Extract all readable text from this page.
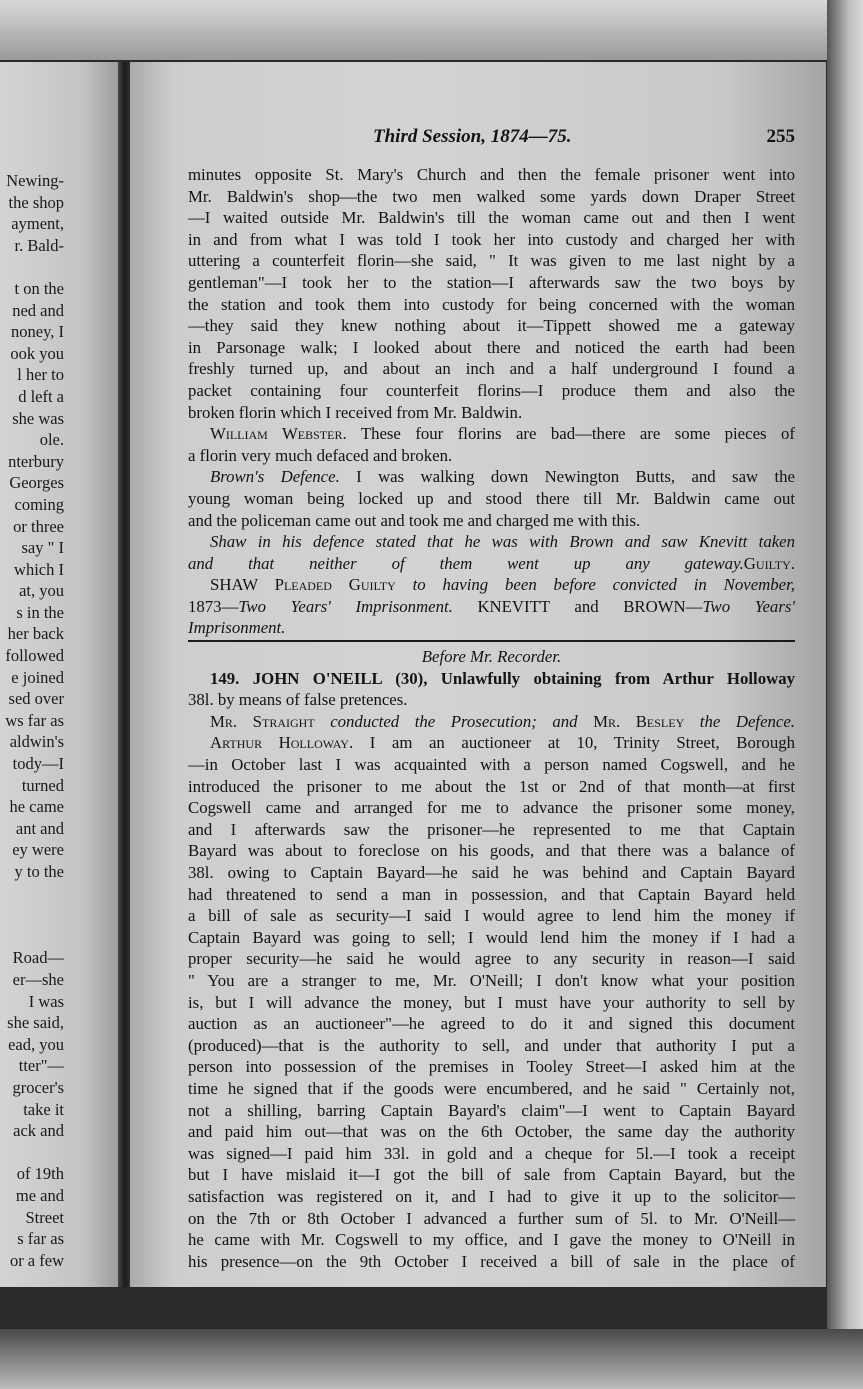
Newing-
the shop
ayment,
r. Bald-

t on the
ned and
noney, I
ook you
l her to
d left a
she was
ole.
nterbury
Georges
coming
or three
say " I
which I
at, you
s in the
her back
followed
e joined
sed over
ws far as
aldwin's
tody—I
turned
he came
ant and
ey were
y to the

Road—
er—she
I was
she said,
ead, you
tter"—
grocer's
take it
ack and

of 19th
me and
Street
s far as
or a few
Third Session, 1874—75.	255
minutes opposite St. Mary's Church and then the female prisoner went into
Mr. Baldwin's shop—the two men walked some yards down Draper Street
—I waited outside Mr. Baldwin's till the woman came out and then I went
in and from what I was told I took her into custody and charged her with
uttering a counterfeit florin—she said, " It was given to me last night by a
gentleman"—I took her to the station—I afterwards saw the two boys by
the station and took them into custody for being concerned with the woman
—they said they knew nothing about it—Tippett showed me a gateway
in Parsonage walk; I looked about there and noticed the earth had been
freshly turned up, and about an inch and a half underground I found a
packet containing four counterfeit florins—I produce them and also the
broken florin which I received from Mr. Baldwin.
William Webster. These four florins are bad—there are some pieces of
a florin very much defaced and broken.
Brown's Defence. I was walking down Newington Butts, and saw the
young woman being locked up and stood there till Mr. Baldwin came out
and the policeman came out and took me and charged me with this.
Shaw in his defence stated that he was with Brown and saw Knevitt taken
and that neither of them went up any gateway. Guilty.
SHAW Pleaded Guilty to having been before convicted in November,
1873—Two Years' Imprisonment. KNEVITT and BROWN—Two Years'
Imprisonment.
Before Mr. Recorder.
149. JOHN O'NEILL (30), Unlawfully obtaining from Arthur Holloway
38l. by means of false pretences.
Mr. Straight conducted the Prosecution; and Mr. Besley the Defence.
Arthur Holloway. I am an auctioneer at 10, Trinity Street, Borough
—in October last I was acquainted with a person named Cogswell, and he
introduced the prisoner to me about the 1st or 2nd of that month—at first
Cogswell came and arranged for me to advance the prisoner some money,
and I afterwards saw the prisoner—he represented to me that Captain
Bayard was about to foreclose on his goods, and that there was a balance of
38l. owing to Captain Bayard—he said he was behind and Captain Bayard
had threatened to send a man in possession, and that Captain Bayard held
a bill of sale as security—I said I would agree to lend him the money if
Captain Bayard was going to sell; I would lend him the money if I had a
proper security—he said he would agree to any security in reason—I said
" You are a stranger to me, Mr. O'Neill; I don't know what your position
is, but I will advance the money, but I must have your authority to sell by
auction as an auctioneer"—he agreed to do it and signed this document
(produced)—that is the authority to sell, and under that authority I put a
person into possession of the premises in Tooley Street—I asked him at the
time he signed that if the goods were encumbered, and he said " Certainly not,
not a shilling, barring Captain Bayard's claim"—I went to Captain Bayard
and paid him out—that was on the 6th October, the same day the authority
was signed—I paid him 33l. in gold and a cheque for 5l.—I took a receipt
but I have mislaid it—I got the bill of sale from Captain Bayard, but the
satisfaction was registered on it, and I had to give it up to the solicitor—
on the 7th or 8th October I advanced a further sum of 5l. to Mr. O'Neill—
he came with Mr. Cogswell to my office, and I gave the money to O'Neill in
his presence—on the 9th October I received a bill of sale in the place of
